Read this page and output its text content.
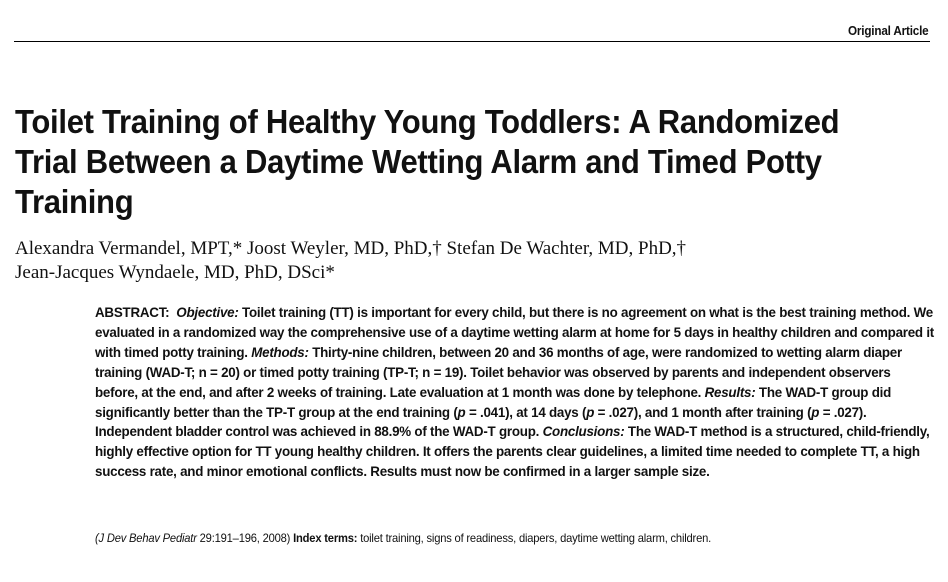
Original Article
Toilet Training of Healthy Young Toddlers: A Randomized Trial Between a Daytime Wetting Alarm and Timed Potty Training
Alexandra Vermandel, MPT,* Joost Weyler, MD, PhD,† Stefan De Wachter, MD, PhD,†
Jean-Jacques Wyndaele, MD, PhD, DSci*

ABSTRACT: Objective: Toilet training (TT) is important for every child, but there is no agreement on what is the best training method. We evaluated in a randomized way the comprehensive use of a daytime wetting alarm at home for 5 days in healthy children and compared it with timed potty training. Methods: Thirty-nine children, between 20 and 36 months of age, were randomized to wetting alarm diaper training (WAD-T; n = 20) or timed potty training (TP-T; n = 19). Toilet behavior was observed by parents and independent observers before, at the end, and after 2 weeks of training. Late evaluation at 1 month was done by telephone. Results: The WAD-T group did significantly better than the TP-T group at the end training (p = .041), at 14 days (p = .027), and 1 month after training (p = .027). Independent bladder control was achieved in 88.9% of the WAD-T group. Conclusions: The WAD-T method is a structured, child-friendly, highly effective option for TT young healthy children. It offers the parents clear guidelines, a limited time needed to complete TT, a high success rate, and minor emotional conflicts. Results must now be confirmed in a larger sample size.

(J Dev Behav Pediatr 29:191–196, 2008) Index terms: toilet training, signs of readiness, diapers, daytime wetting alarm, children.
